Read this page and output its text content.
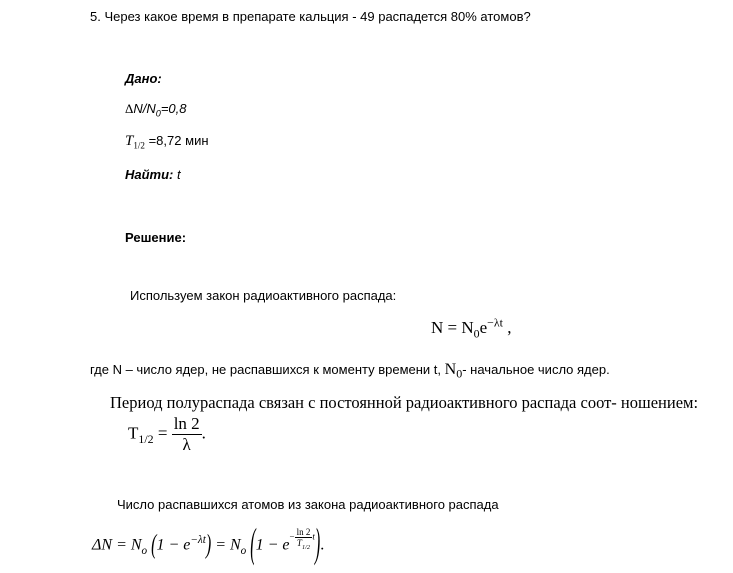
5. Через какое время в препарате кальция - 49 распадется 80% атомов?
Дано:
$\Delta N/N_0=0,8$
$T_{1/2} =8,72$ мин
Найти: t
Решение:
Используем закон радиоактивного распада:
$N = N_0e^{-\lambda t}$ ,
где N – число ядер, не распавшихся к моменту времени t, $N_0-$ начальное число ядер.
Период полураспада связан с постоянной радиоактивного распада соот- ношением:
$T_{1/2} = \frac{\ln 2}{\lambda}$ .
Число распавшихся атомов из закона радиоактивного распада
$\Delta N = N_o$ $(1 - e^{-\lambda t}) = N_o$ $(1 - e- \frac{\ln 2}{T_{1/2}} t)$.
